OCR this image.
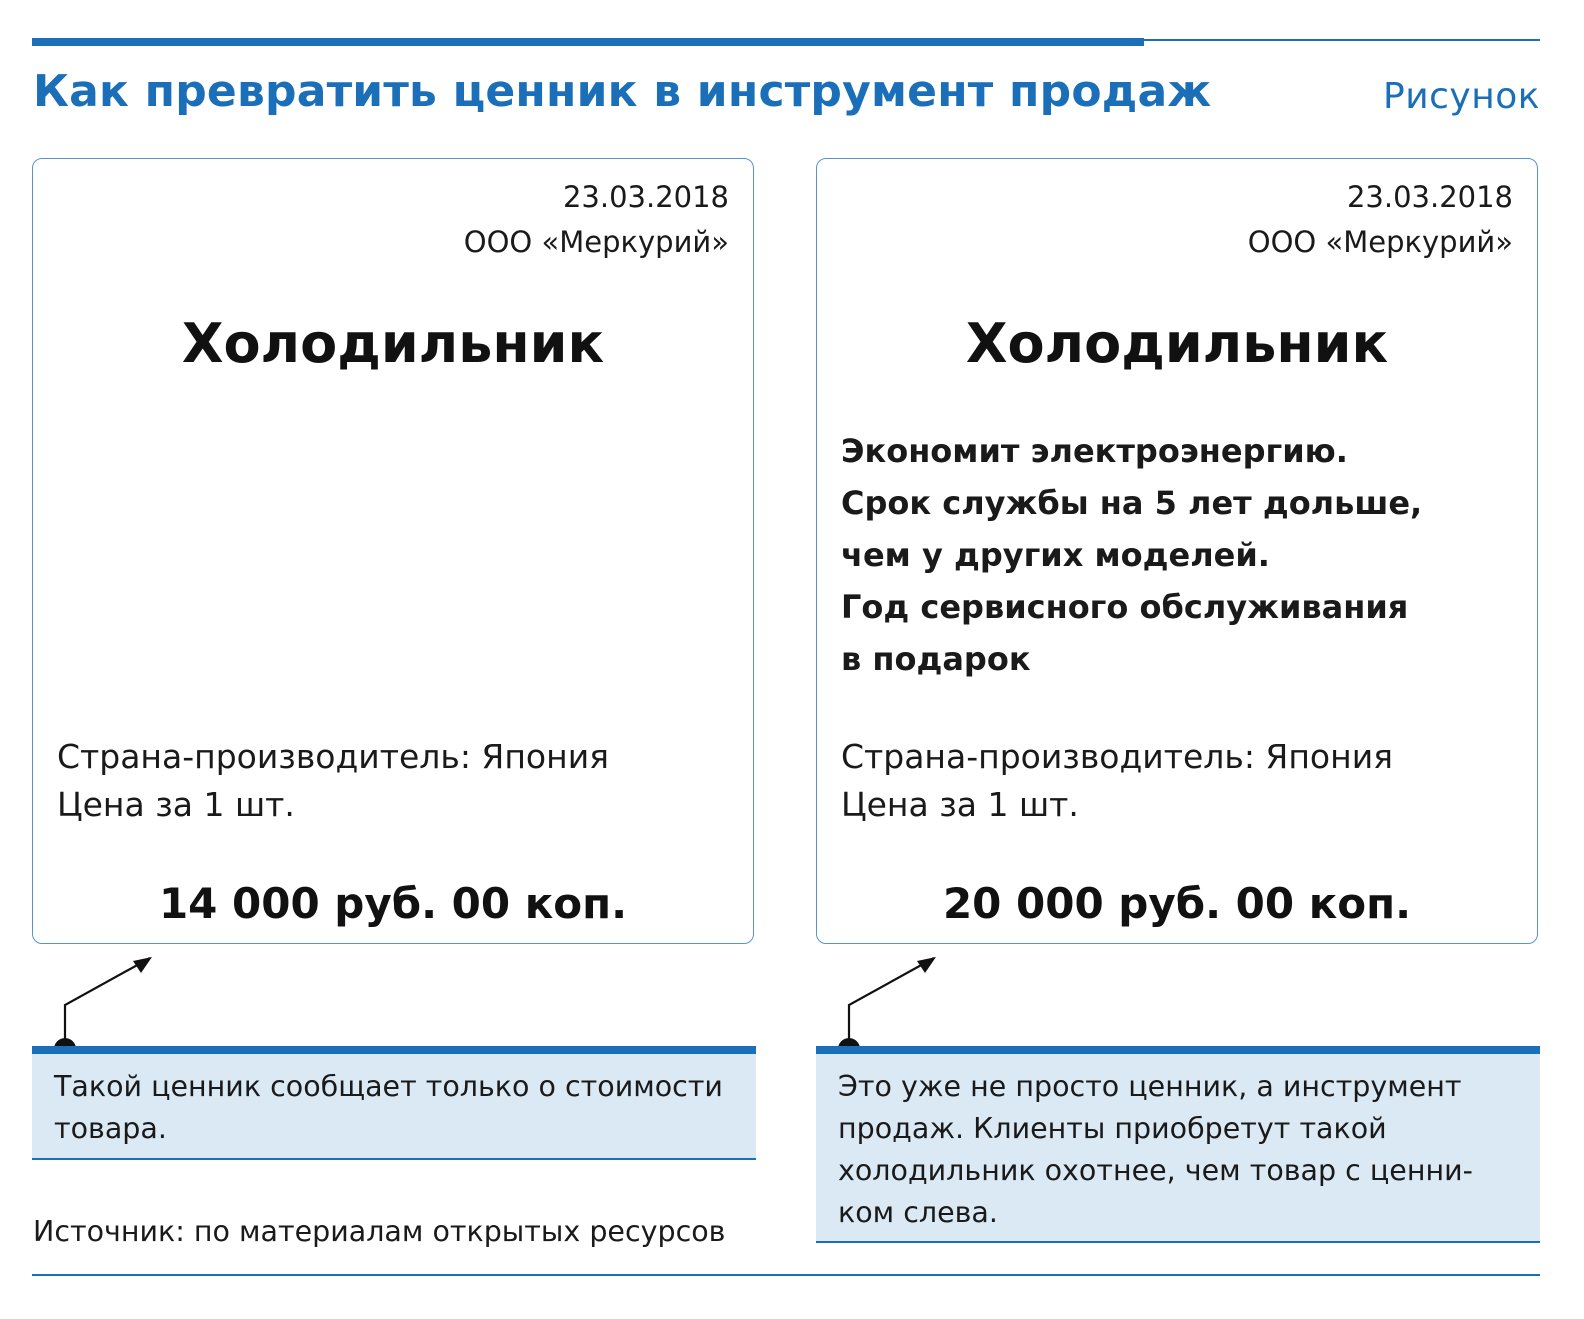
Как превратить ценник в инструмент продаж	Рисунок
23.03.2018
ООО «Меркурий»
Холодильник
Страна-производитель: Япония
Цена за 1 шт.
14 000 руб. 00 коп.
23.03.2018
ООО «Меркурий»
Холодильник
Экономит электроэнергию.
Срок службы на 5 лет дольше,
чем у других моделей.
Год сервисного обслуживания
в подарок
Страна-производитель: Япония
Цена за 1 шт.
20 000 руб. 00 коп.
Такой ценник сообщает только о стоимости
товара.
Это уже не просто ценник, а инструмент
продаж. Клиенты приобретут такой
холодильник охотнее, чем товар с ценни-
ком слева.
Источник: по материалам открытых ресурсов
